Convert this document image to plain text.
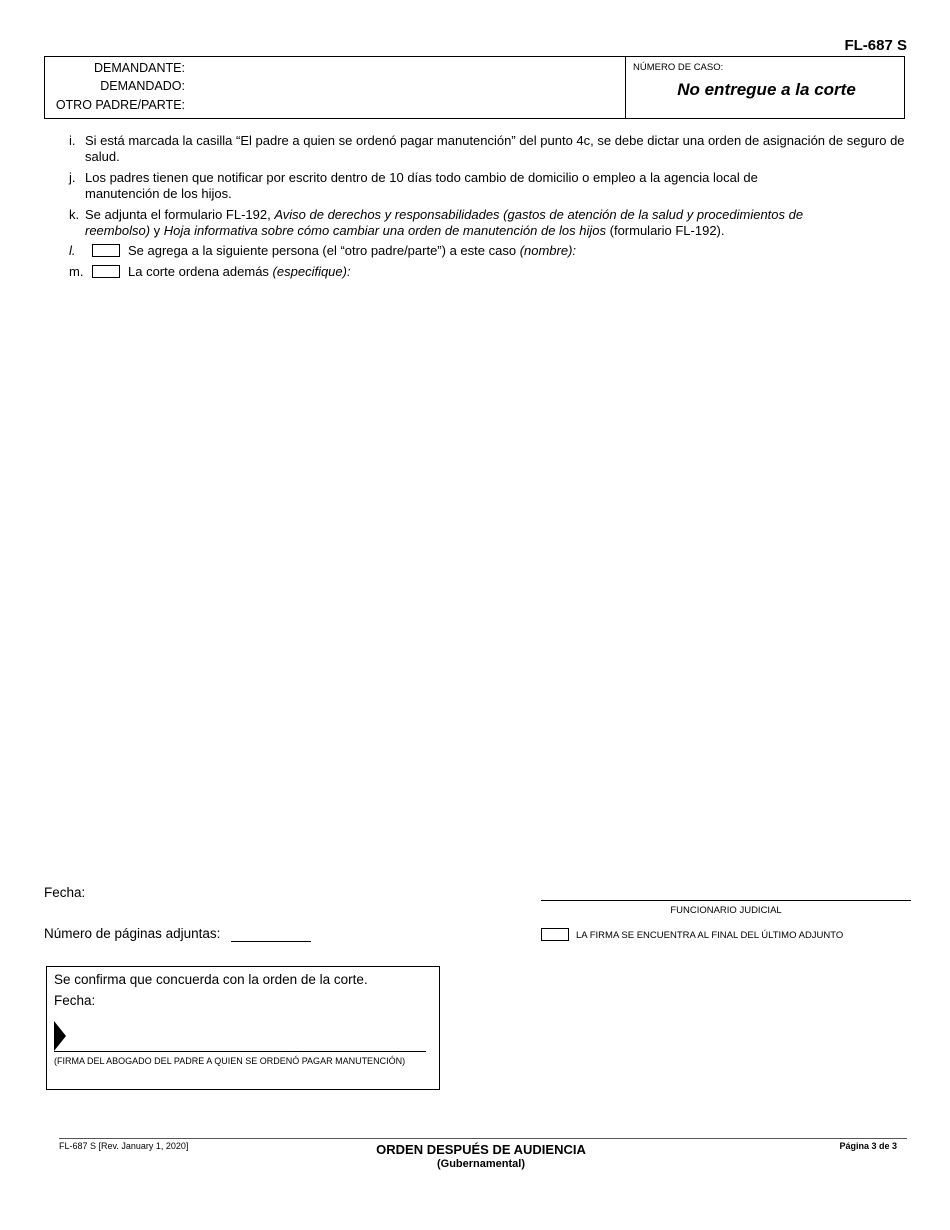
FL-687 S
DEMANDANTE:
DEMANDADO:
OTRO PADRE/PARTE:
NÚMERO DE CASO:
No entregue a la corte
i. Si está marcada la casilla “El padre a quien se ordenó pagar manutención” del punto 4c, se debe dictar una orden de asignación de seguro de salud.
j. Los padres tienen que notificar por escrito dentro de 10 días todo cambio de domicilio o empleo a la agencia local de manutención de los hijos.
k. Se adjunta el formulario FL-192, Aviso de derechos y responsabilidades (gastos de atención de la salud y procedimientos de reembolso) y Hoja informativa sobre cómo cambiar una orden de manutención de los hijos (formulario FL-192).
l.	Se agrega a la siguiente persona (el “otro padre/parte”) a este caso (nombre):
m.	La corte ordena además (especifique):
Fecha:
FUNCIONARIO JUDICIAL
Número de páginas adjuntas:	LA FIRMA SE ENCUENTRA AL FINAL DEL ÚLTIMO ADJUNTO
Se confirma que concuerda con la orden de la corte.
Fecha:
(FIRMA DEL ABOGADO DEL PADRE A QUIEN SE ORDENÓ PAGAR MANUTENCIÓN)
FL-687 S [Rev. January 1, 2020]	ORDEN DESPUÉS DE AUDIENCIA
(Gubernamental)
Página 3 de 3
